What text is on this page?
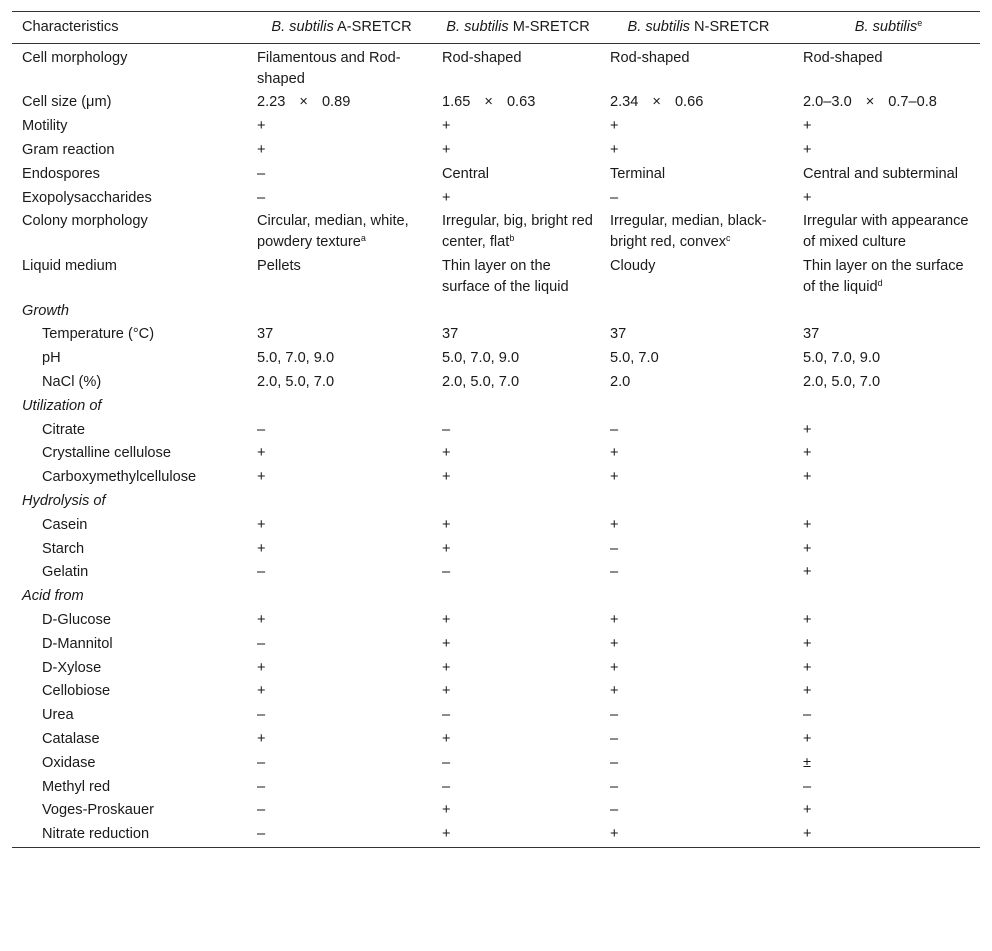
Characteristics	B. subtilis A-SRETCR	B. subtilis M-SRETCR	B. subtilis N-SRETCR	B. subtilis$^e$
Cell morphology	Filamentous and Rod-shaped	Rod-shaped	Rod-shaped	Rod-shaped
Cell size (μm)	2.23 × 0.89	1.65 × 0.63	2.34 × 0.66	2.0–3.0 × 0.7–0.8
Motility	+	+	+	+
Gram reaction	+	+	+	+
Endospores	–	Central	Terminal	Central and subterminal
Exopolysaccharides	–	+	–	+
Colony morphology	Circular, median, white, powdery texture$^a$	Irregular, big, bright red center, flat$^b$	Irregular, median, black-bright red, convex$^c$	Irregular with appearance of mixed culture
Liquid medium	Pellets	Thin layer on the surface of the liquid	Cloudy	Thin layer on the surface of the liquid$^d$
Growth				
Temperature (°C)	37	37	37	37
pH	5.0, 7.0, 9.0	5.0, 7.0, 9.0	5.0, 7.0	5.0, 7.0, 9.0
NaCl (%)	2.0, 5.0, 7.0	2.0, 5.0, 7.0	2.0	2.0, 5.0, 7.0
Utilization of				
Citrate	–	–	–	+
Crystalline cellulose	+	+	+	+
Carboxymethylcellulose	+	+	+	+
Hydrolysis of				
Casein	+	+	+	+
Starch	+	+	–	+
Gelatin	–	–	–	+
Acid from				
D-Glucose	+	+	+	+
D-Mannitol	–	+	+	+
D-Xylose	+	+	+	+
Cellobiose	+	+	+	+
Urea	–	–	–	–
Catalase	+	+	–	+
Oxidase	–	–	–	±
Methyl red	–	–	–	–
Voges-Proskauer	–	+	–	+
Nitrate reduction	–	+	+	+
